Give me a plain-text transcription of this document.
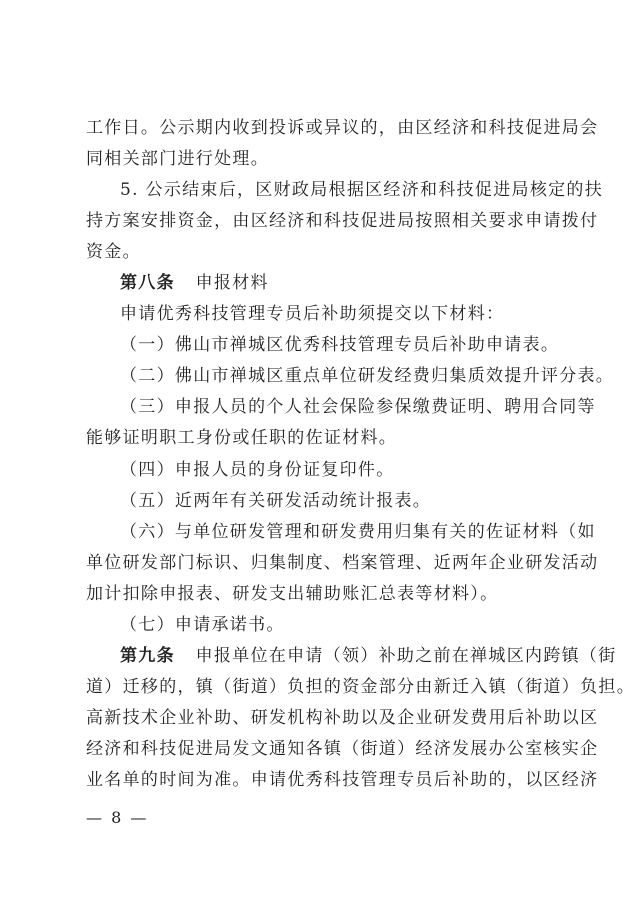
工作日。公示期内收到投诉或异议的，由区经济和科技促进局会
同相关部门进行处理。
5. 公示结束后，区财政局根据区经济和科技促进局核定的扶
持方案安排资金，由区经济和科技促进局按照相关要求申请拨付
资金。
第八条 申报材料
申请优秀科技管理专员后补助须提交以下材料：
（一）佛山市禅城区优秀科技管理专员后补助申请表。
（二）佛山市禅城区重点单位研发经费归集质效提升评分表。
（三）申报人员的个人社会保险参保缴费证明、聘用合同等
能够证明职工身份或任职的佐证材料。
（四）申报人员的身份证复印件。
（五）近两年有关研发活动统计报表。
（六）与单位研发管理和研发费用归集有关的佐证材料（如
单位研发部门标识、归集制度、档案管理、近两年企业研发活动
加计扣除申报表、研发支出辅助账汇总表等材料）。
（七）申请承诺书。
第九条 申报单位在申请（领）补助之前在禅城区内跨镇（街
— 8 —
道）迁移的，镇（街道）负担的资金部分由新迁入镇（街道）负担。
高新技术企业补助、研发机构补助以及企业研发费用后补助以区
经济和科技促进局发文通知各镇（街道）经济发展办公室核实企
业名单的时间为准。申请优秀科技管理专员后补助的，以区经济
